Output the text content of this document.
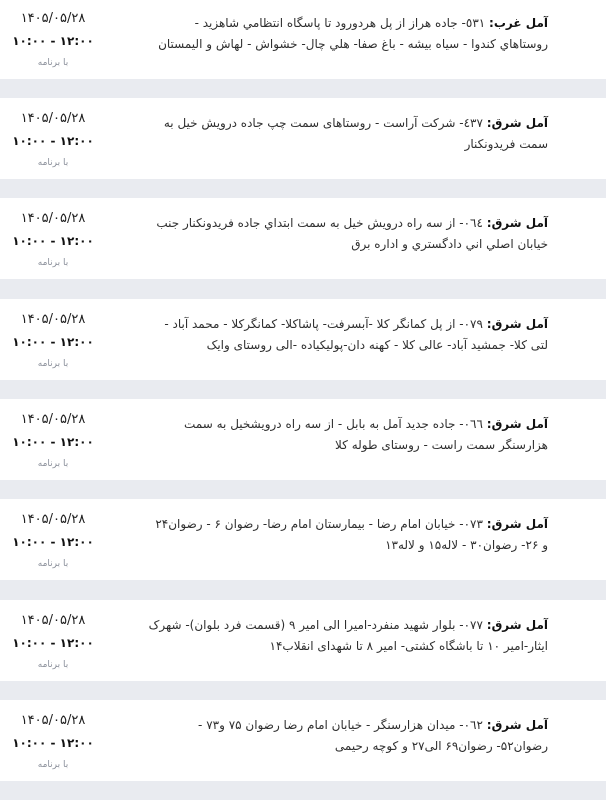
آمل غرب: ٥٣١- جاده هراز از پل هردورود تا پاسگاه انتظامي شاهزيد - روستاهاي کندوا - سياه بيشه - باغ صفا- هلي چال- خشواش - لهاش و اليمستان
۱۴۰۵/۰۵/۲۸
۱۲:۰۰ - ۱۰:۰۰
با برنامه
آمل شرق: ٤٣٧- شرکت آراست - روستاهای سمت چپ جاده درویش خیل به سمت فريدونکنار
۱۴۰۵/۰۵/۲۸
۱۲:۰۰ - ۱۰:۰۰
با برنامه
آمل شرق: ٠٦٤- از سه راه درويش خيل به سمت ابتداي جاده فريدونکنار جنب خيابان اصلي اني دادگستري و اداره برق
۱۴۰۵/۰۵/۲۸
۱۲:۰۰ - ۱۰:۰۰
با برنامه
آمل شرق: ٠٧٩- از پل کمانگر کلا -آبسرفت- پاشاکلا- کمانگرکلا - محمد آباد - لتی کلا- جمشید آباد- عالی کلا - کهنه دان-پولیکیاده -الی روستای وایک
۱۴۰۵/۰۵/۲۸
۱۲:۰۰ - ۱۰:۰۰
با برنامه
آمل شرق: ٠٦٦- جاده جدید آمل به بابل - از سه راه درویشخیل به سمت هزارسنگر سمت راست - روستای طوله کلا
۱۴۰۵/۰۵/۲۸
۱۲:۰۰ - ۱۰:۰۰
با برنامه
آمل شرق: ٠٧٣- خيابان امام رضا - بيمارستان امام رضا- رضوان ۶ - رضوان۲۴ و ۲۶- رضوان۳۰ - لاله۱۵ و لاله۱۳
۱۴۰۵/۰۵/۲۸
۱۲:۰۰ - ۱۰:۰۰
با برنامه
آمل شرق: ٠٧٧- بلوار شهيد منفرد-اميرا الی امير ۹ (قسمت فرد بلوان)- شهرک ایثار-امیر ۱۰ تا باشگاه کشتی- امیر ۸ تا شهدای انقلاب۱۴
۱۴۰۵/۰۵/۲۸
۱۲:۰۰ - ۱۰:۰۰
با برنامه
آمل شرق: ٠٦٢- میدان هزارسنگر - خیابان امام رضا رضوان ۷۵ و۷۳ - رضوان۵۲- رضوان۶۹ الی۲۷ و کوچه رحیمی
۱۴۰۵/۰۵/۲۸
۱۲:۰۰ - ۱۰:۰۰
با برنامه
